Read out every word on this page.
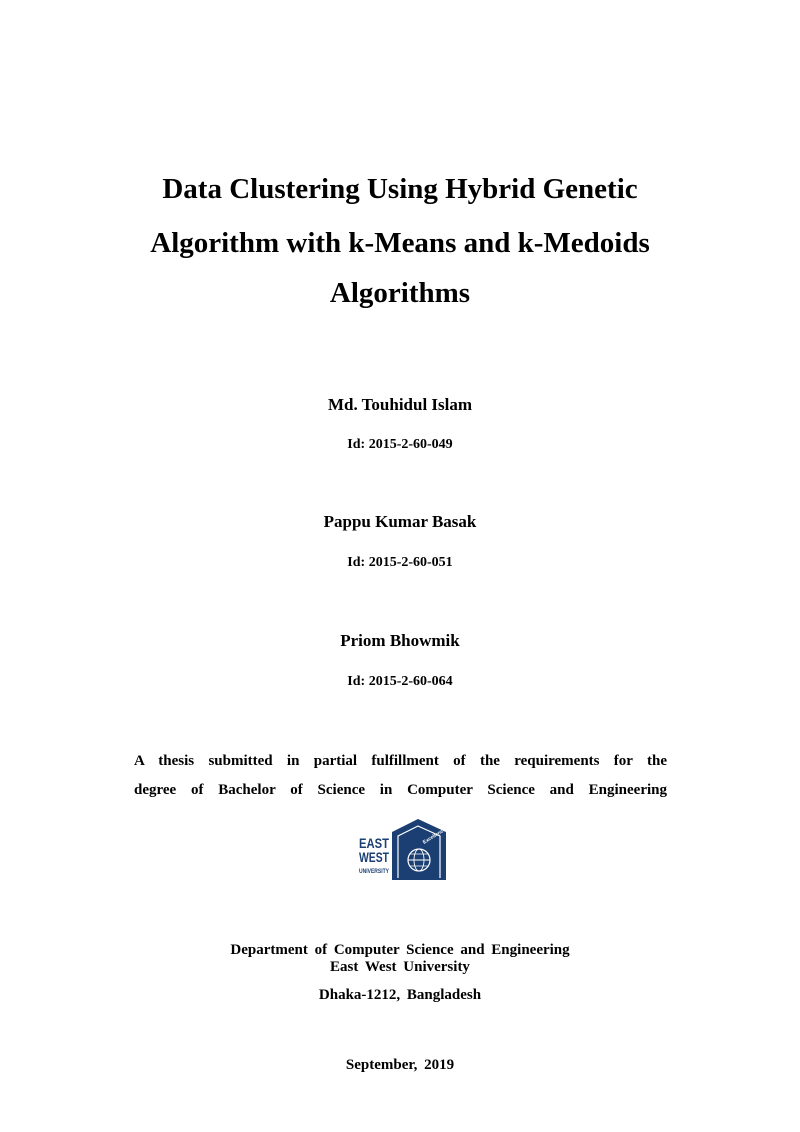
Data Clustering Using Hybrid Genetic
Algorithm with k-Means and k-Medoids
Algorithms
Md. Touhidul Islam
Id: 2015-2-60-049
Pappu Kumar Basak
Id: 2015-2-60-051
Priom Bhowmik
Id: 2015-2-60-064
A thesis submitted in partial fulfillment of the requirements for the
degree of Bachelor of Science in Computer Science and Engineering
Excellence in Education
EAST
WEST
UNIVERSITY
Department of Computer Science and Engineering
East West University
Dhaka-1212, Bangladesh
September, 2019
